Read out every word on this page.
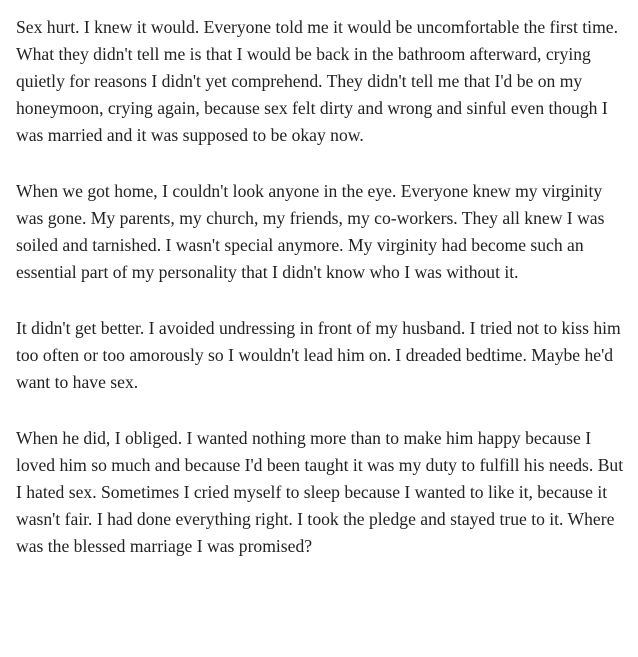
Sex hurt. I knew it would. Everyone told me it would be uncomfortable the first time. What they didn't tell me is that I would be back in the bathroom afterward, crying quietly for reasons I didn't yet comprehend. They didn't tell me that I'd be on my honeymoon, crying again, because sex felt dirty and wrong and sinful even though I was married and it was supposed to be okay now.

When we got home, I couldn't look anyone in the eye. Everyone knew my virginity was gone. My parents, my church, my friends, my co-workers. They all knew I was soiled and tarnished. I wasn't special anymore. My virginity had become such an essential part of my personality that I didn't know who I was without it.

It didn't get better. I avoided undressing in front of my husband. I tried not to kiss him too often or too amorously so I wouldn't lead him on. I dreaded bedtime. Maybe he'd want to have sex.

When he did, I obliged. I wanted nothing more than to make him happy because I loved him so much and because I'd been taught it was my duty to fulfill his needs. But I hated sex. Sometimes I cried myself to sleep because I wanted to like it, because it wasn't fair. I had done everything right. I took the pledge and stayed true to it. Where was the blessed marriage I was promised?
